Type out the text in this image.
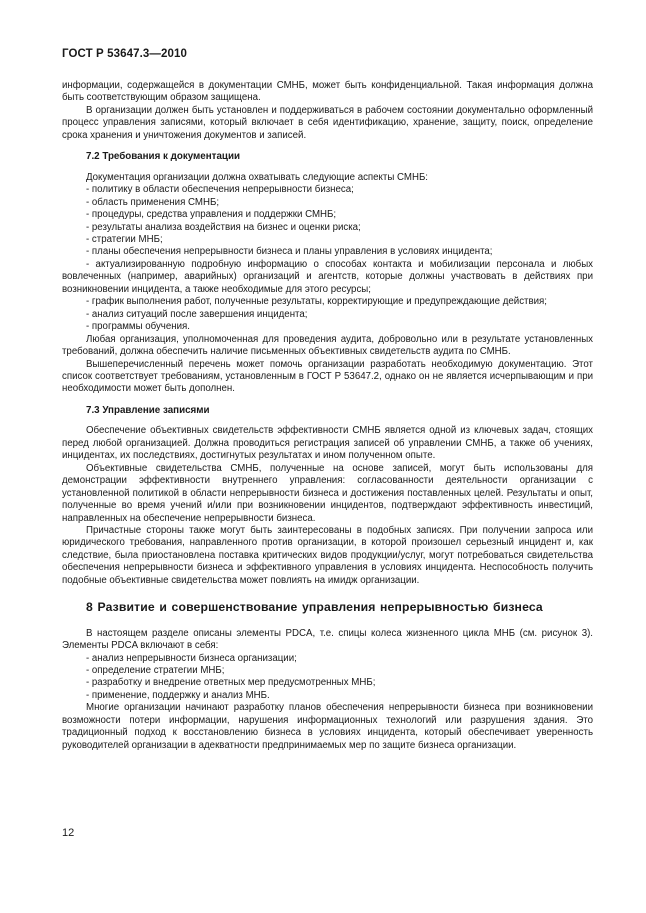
ГОСТ Р 53647.3—2010

информации, содержащейся в документации СМНБ, может быть конфиденциальной. Такая информация должна быть соответствующим образом защищена.

В организации должен быть установлен и поддерживаться в рабочем состоянии документально оформленный процесс управления записями, который включает в себя идентификацию, хранение, защиту, поиск, определение срока хранения и уничтожения документов и записей.

7.2 Требования к документации

Документация организации должна охватывать следующие аспекты СМНБ:

- политику в области обеспечения непрерывности бизнеса;

- область применения СМНБ;

- процедуры, средства управления и поддержки СМНБ;

- результаты анализа воздействия на бизнес и оценки риска;

- стратегии МНБ;

- планы обеспечения непрерывности бизнеса и планы управления в условиях инцидента;

- актуализированную подробную информацию о способах контакта и мобилизации персонала и любых вовлеченных (например, аварийных) организаций и агентств, которые должны участвовать в действиях при возникновении инцидента, а также необходимые для этого ресурсы;

- график выполнения работ, полученные результаты, корректирующие и предупреждающие действия;

- анализ ситуаций после завершения инцидента;

- программы обучения.

Любая организация, уполномоченная для проведения аудита, добровольно или в результате установленных требований, должна обеспечить наличие письменных объективных свидетельств аудита по СМНБ.

Вышеперечисленный перечень может помочь организации разработать необходимую документацию. Этот список соответствует требованиям, установленным в ГОСТ Р 53647.2, однако он не является исчерпывающим и при необходимости может быть дополнен.

7.3 Управление записями

Обеспечение объективных свидетельств эффективности СМНБ является одной из ключевых задач, стоящих перед любой организацией. Должна проводиться регистрация записей об управлении СМНБ, а также об учениях, инцидентах, их последствиях, достигнутых результатах и ином полученном опыте.

Объективные свидетельства СМНБ, полученные на основе записей, могут быть использованы для демонстрации эффективности внутреннего управления: согласованности деятельности организации с установленной политикой в области непрерывности бизнеса и достижения поставленных целей. Результаты и опыт, полученные во время учений и/или при возникновении инцидентов, подтверждают эффективность инвестиций, направленных на обеспечение непрерывности бизнеса.

Причастные стороны также могут быть заинтересованы в подобных записях. При получении запроса или юридического требования, направленного против организации, в которой произошел серьезный инцидент и, как следствие, была приостановлена поставка критических видов продукции/услуг, могут потребоваться свидетельства обеспечения непрерывности бизнеса и эффективного управления в условиях инцидента. Неспособность получить подобные объективные свидетельства может повлиять на имидж организации.

8 Развитие и совершенствование управления непрерывностью бизнеса

В настоящем разделе описаны элементы PDCA, т.е. спицы колеса жизненного цикла МНБ (см. рисунок 3). Элементы PDCA включают в себя:

- анализ непрерывности бизнеса организации;

- определение стратегии МНБ;

- разработку и внедрение ответных мер предусмотренных МНБ;

- применение, поддержку и анализ МНБ.

Многие организации начинают разработку планов обеспечения непрерывности бизнеса при возникновении возможности потери информации, нарушения информационных технологий или разрушения здания. Это традиционный подход к восстановлению бизнеса в условиях инцидента, который обеспечивает уверенность руководителей организации в адекватности предпринимаемых мер по защите бизнеса организации.

12
